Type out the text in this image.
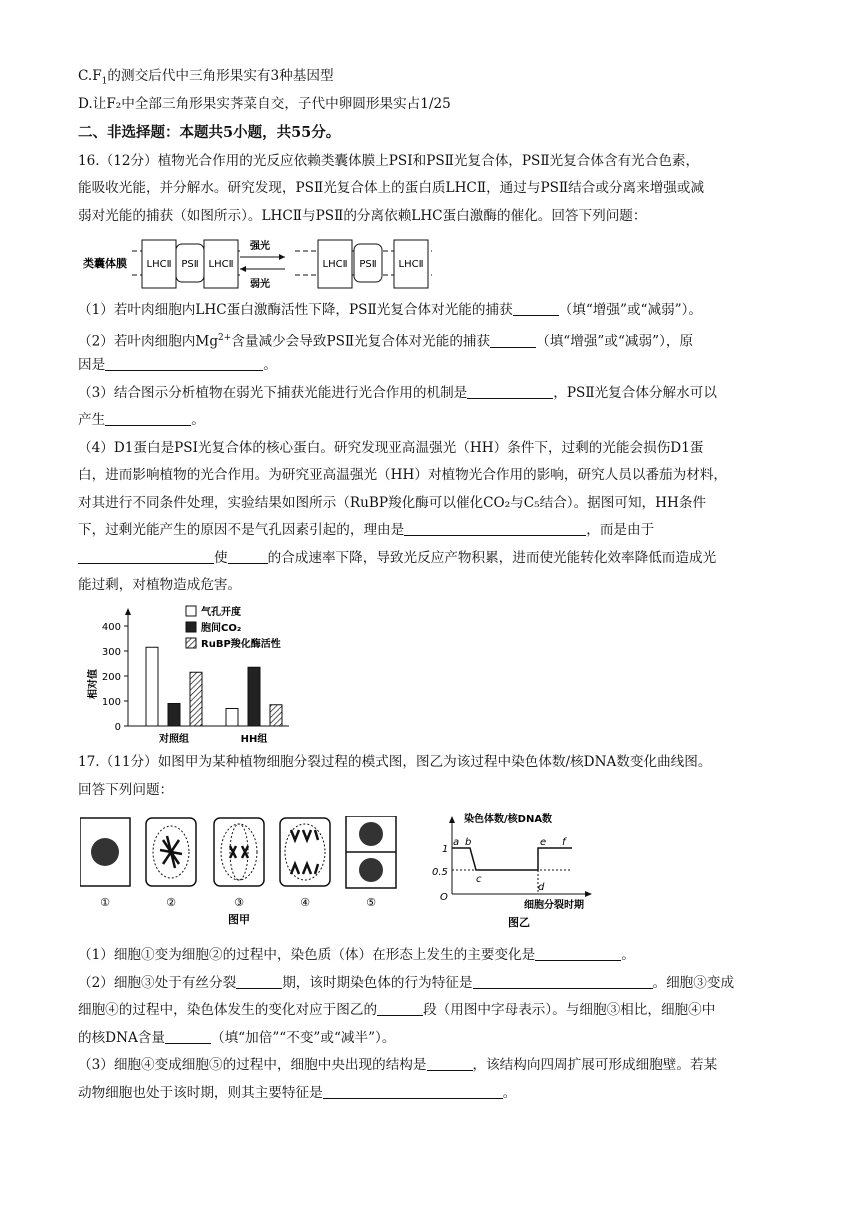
$C.F_1$的测交后代中三角形果实有3种基因型
D.让F₂中全部三角形果实荠菜自交，子代中卵圆形果实占1/25
二、非选择题：本题共5小题，共55分。
16.（12分）植物光合作用的光反应依赖类囊体膜上PSⅠ和PSⅡ光复合体，PSⅡ光复合体含有光合色素，
能吸收光能，并分解水。研究发现，PSⅡ光复合体上的蛋白质LHCⅡ，通过与PSⅡ结合或分离来增强或减
弱对光能的捕获（如图所示）。LHCⅡ与PSⅡ的分离依赖LHC蛋白激酶的催化。回答下列问题：
类囊体膜 LHCⅡ PSⅡ LHCⅡ
强光
弱光
LHCⅡ PSⅡ LHCⅡ
（1）若叶肉细胞内LHC蛋白激酶活性下降，PSⅡ光复合体对光能的捕获	（填“增强”或“减弱”）。
（2）若叶肉细胞内$Mg^{2+}$含量减少会导致PSⅡ光复合体对光能的捕获	（填“增强”或“减弱”），原
因是	。
（3）结合图示分析植物在弱光下捕获光能进行光合作用的机制是	，PSⅡ光复合体分解水可以
产生	。
（4）D1蛋白是PSⅠ光复合体的核心蛋白。研究发现亚高温强光（HH）条件下，过剩的光能会损伤D1蛋
白，进而影响植物的光合作用。为研究亚高温强光（HH）对植物光合作用的影响，研究人员以番茄为材料，
对其进行不同条件处理，实验结果如图所示（RuBP羧化酶可以催化CO₂与C₅结合）。据图可知，HH条件
下，过剩光能产生的原因不是气孔因素引起的，理由是	，而是由于
使	的合成速率下降，导致光反应产物积累，进而使光能转化效率降低而造成光
能过剩，对植物造成危害。
相对值
0
100
200
300
400
对照组	HH组
气孔开度
胞间CO₂
RuBP羧化酶活性
17.（11分）如图甲为某种植物细胞分裂过程的模式图，图乙为该过程中染色体数/核DNA数变化曲线图。
回答下列问题：
①	②	③	④	⑤
图甲
染色体数/核DNA数
1
0.5
O
a b
c
d
e f
细胞分裂时期
图乙
（1）细胞①变为细胞②的过程中，染色质（体）在形态上发生的主要变化是	。
（2）细胞③处于有丝分裂	期，该时期染色体的行为特征是	。细胞③变成
细胞④的过程中，染色体发生的变化对应于图乙的	段（用图中字母表示）。与细胞③相比，细胞④中
的核DNA含量	（填“加倍”“不变”或“减半”）。
（3）细胞④变成细胞⑤的过程中，细胞中央出现的结构是	，该结构向四周扩展可形成细胞壁。若某
动物细胞也处于该时期，则其主要特征是	。
